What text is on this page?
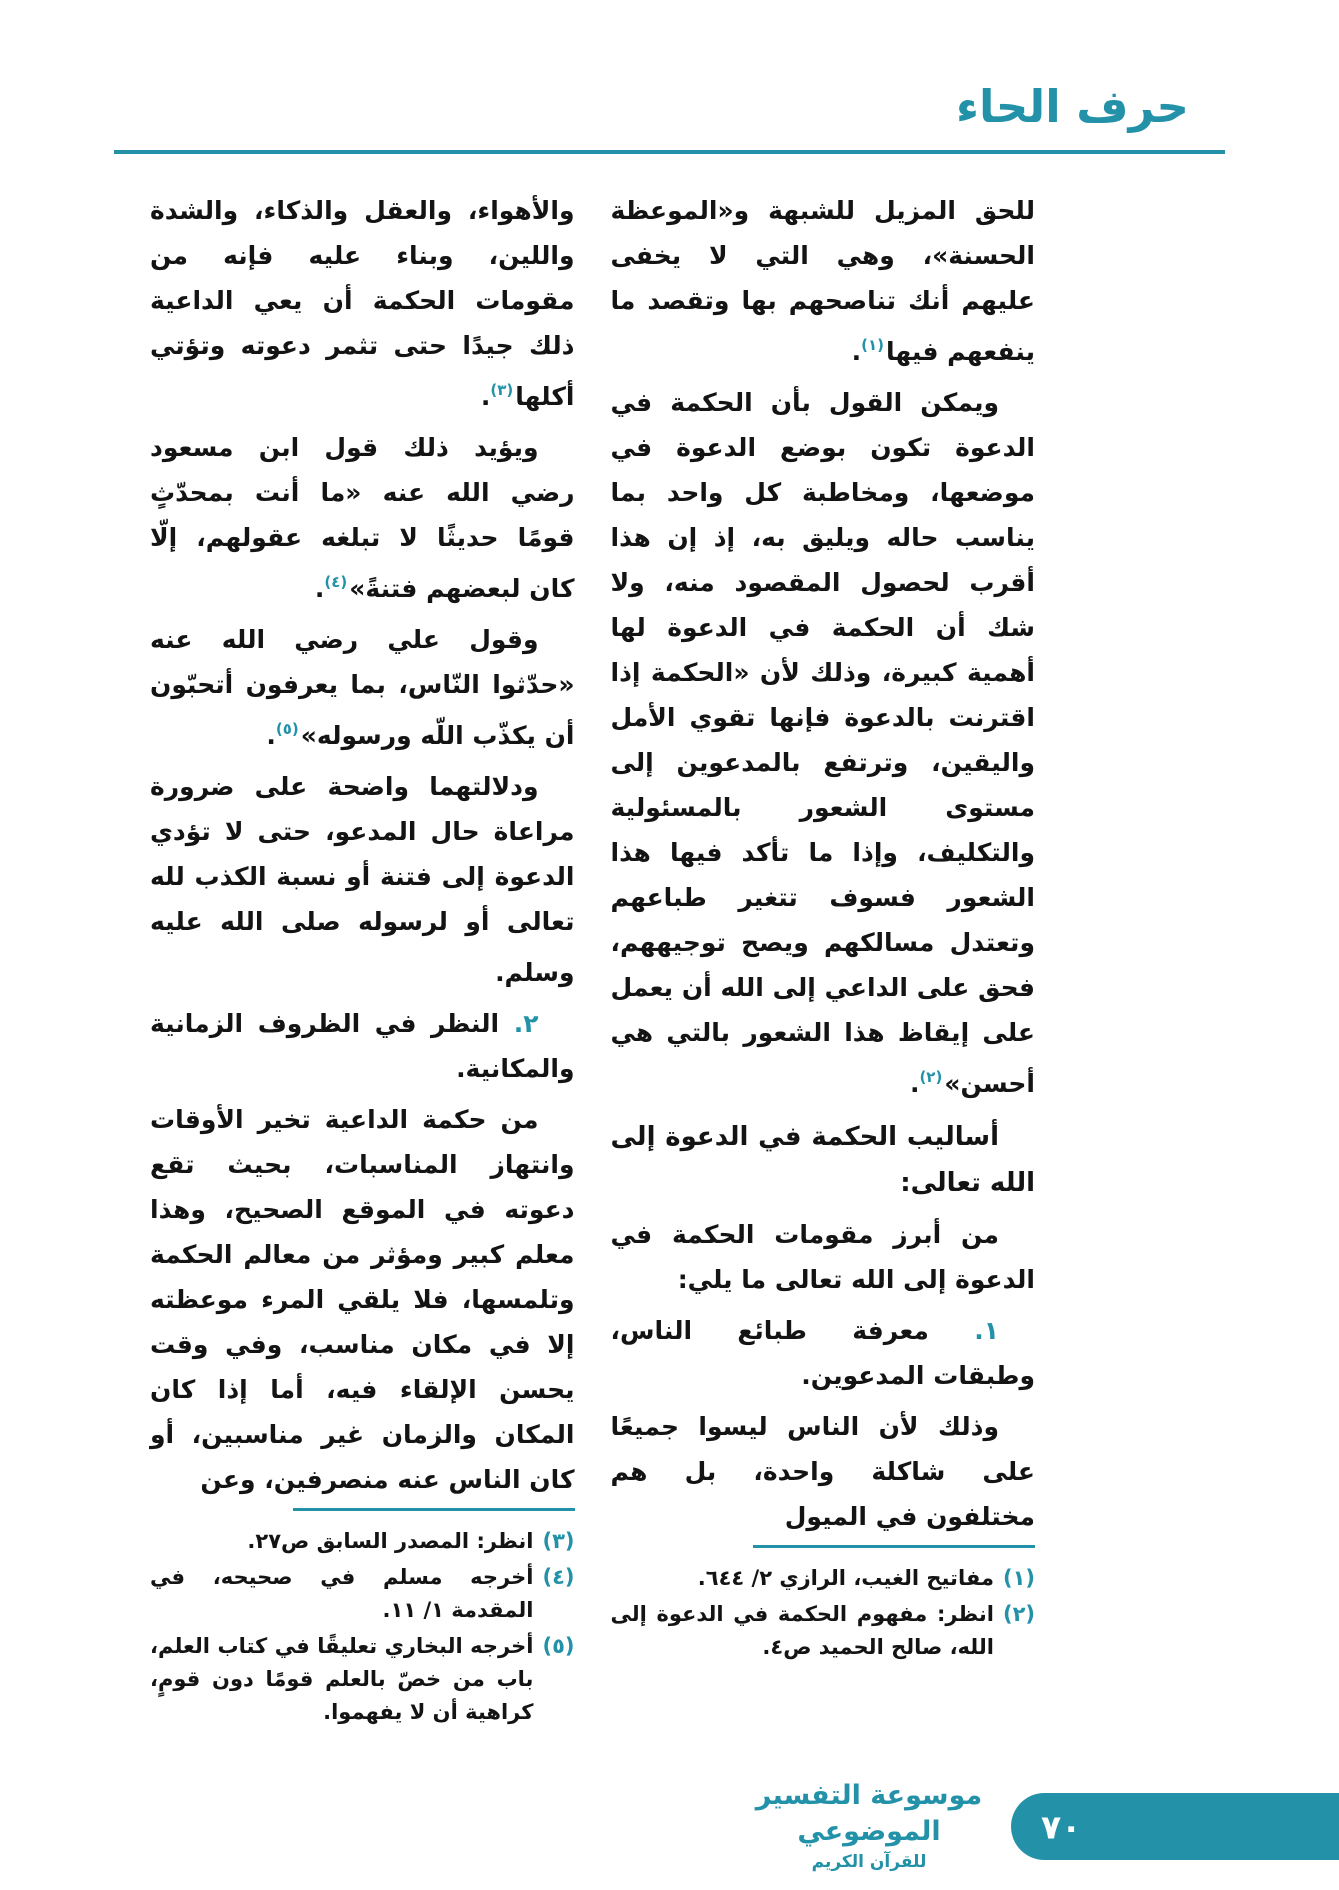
حرف الحاء

للحق المزيل للشبهة و«الموعظة الحسنة»، وهي التي لا يخفى عليهم أنك تناصحهم بها وتقصد ما ينفعهم فيها$^{(١)}$.

ويمكن القول بأن الحكمة في الدعوة تكون بوضع الدعوة في موضعها، ومخاطبة كل واحد بما يناسب حاله ويليق به، إذ إن هذا أقرب لحصول المقصود منه، ولا شك أن الحكمة في الدعوة لها أهمية كبيرة، وذلك لأن «الحكمة إذا اقترنت بالدعوة فإنها تقوي الأمل واليقين، وترتفع بالمدعوين إلى مستوى الشعور بالمسئولية والتكليف، وإذا ما تأكد فيها هذا الشعور فسوف تتغير طباعهم وتعتدل مسالكهم ويصح توجيههم، فحق على الداعي إلى الله أن يعمل على إيقاظ هذا الشعور بالتي هي أحسن»$^{(٢)}$.

أساليب الحكمة في الدعوة إلى الله تعالى:

من أبرز مقومات الحكمة في الدعوة إلى الله تعالى ما يلي:

١. معرفة طبائع الناس، وطبقات المدعوين.

وذلك لأن الناس ليسوا جميعًا على شاكلة واحدة، بل هم مختلفون في الميول

(١)
مفاتيح الغيب، الرازي ٢/ ٦٤٤.
(٢)
انظر: مفهوم الحكمة في الدعوة إلى الله، صالح الحميد ص٤.

والأهواء، والعقل والذكاء، والشدة واللين، وبناء عليه فإنه من مقومات الحكمة أن يعي الداعية ذلك جيدًا حتى تثمر دعوته وتؤتي أكلها$^{(٣)}$.

ويؤيد ذلك قول ابن مسعود رضي الله عنه «ما أنت بمحدّثٍ قومًا حديثًا لا تبلغه عقولهم، إلّا كان لبعضهم فتنةً»$^{(٤)}$.

وقول علي رضي الله عنه «حدّثوا النّاس، بما يعرفون أتحبّون أن يكذّب اللّه ورسوله»$^{(٥)}$.

ودلالتهما واضحة على ضرورة مراعاة حال المدعو، حتى لا تؤدي الدعوة إلى فتنة أو نسبة الكذب لله تعالى أو لرسوله صلى الله عليه وسلم.

٢. النظر في الظروف الزمانية والمكانية.

من حكمة الداعية تخير الأوقات وانتهاز المناسبات، بحيث تقع دعوته في الموقع الصحيح، وهذا معلم كبير ومؤثر من معالم الحكمة وتلمسها، فلا يلقي المرء موعظته إلا في مكان مناسب، وفي وقت يحسن الإلقاء فيه، أما إذا كان المكان والزمان غير مناسبين، أو كان الناس عنه منصرفين، وعن

(٣)
انظر: المصدر السابق ص٢٧.
(٤)
أخرجه مسلم في صحيحه، في المقدمة ١/ ١١.
(٥)
أخرجه البخاري تعليقًا في كتاب العلم، باب من خصّ بالعلم قومًا دون قومٍ، كراهية أن لا يفهموا.
موسوعة التفسير الموضوعي
للقرآن الكريم
٧٠
